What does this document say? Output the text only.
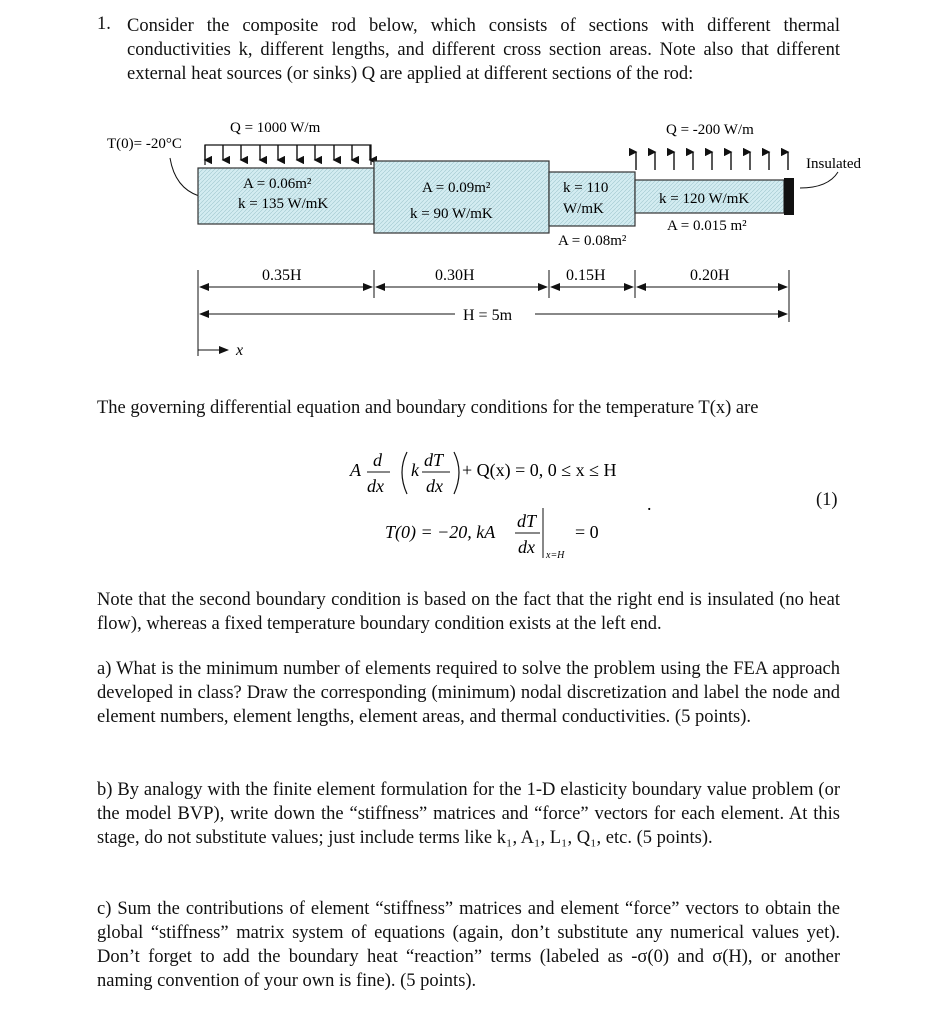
1. Consider the composite rod below, which consists of sections with different thermal conductivities k, different lengths, and different cross section areas. Note also that different external heat sources (or sinks) Q are applied at different sections of the rod:
T(0)= -20°C
Q = 1000 W/m	Q = -200 W/m
Insulated
A = 0.06m²
k = 135 W/mK
A = 0.09m²
k = 90 W/mK
k = 110
W/mK
A = 0.08m²
k = 120 W/mK
A = 0.015 m²
0.35H	0.30H	0.15H	0.20H
H = 5m
x
The governing differential equation and boundary conditions for the temperature T(x) are
A d
dx
k dT
dx
+ Q(x) = 0, 0 ≤ x ≤ H
.
T(0) = −20, kA
dT
dx x=H
= 0
(1)
Note that the second boundary condition is based on the fact that the right end is insulated (no heat flow), whereas a fixed temperature boundary condition exists at the left end.
a) What is the minimum number of elements required to solve the problem using the FEA approach developed in class? Draw the corresponding (minimum) nodal discretization and label the node and element numbers, element lengths, element areas, and thermal conductivities. (5 points).
b) By analogy with the finite element formulation for the 1-D elasticity boundary value problem (or the model BVP), write down the “stiffness” matrices and “force” vectors for each element. At this stage, do not substitute values; just include terms like k₁, A₁, L₁, Q₁, etc. (5 points).
c) Sum the contributions of element “stiffness” matrices and element “force” vectors to obtain the global “stiffness” matrix system of equations (again, don’t substitute any numerical values yet). Don’t forget to add the boundary heat “reaction” terms (labeled as -σ(0) and σ(H), or another naming convention of your own is fine). (5 points).
